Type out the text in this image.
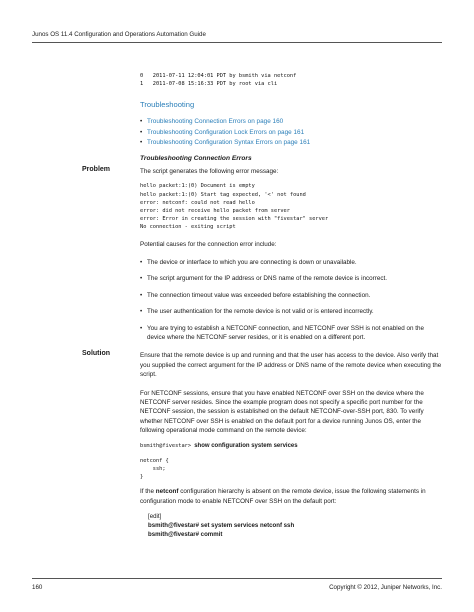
Junos OS 11.4 Configuration and Operations Automation Guide
0   2011-07-11 12:04:01 PDT by bsmith via netconf
1   2011-07-08 15:16:33 PDT by root via cli
Troubleshooting
• Troubleshooting Connection Errors on page 160
• Troubleshooting Configuration Lock Errors on page 161
• Troubleshooting Configuration Syntax Errors on page 161
Troubleshooting Connection Errors
Problem	The script generates the following error message:

hello packet:1:(0) Document is empty
hello packet:1:(0) Start tag expected, '<' not found
error: netconf: could not read hello
error: did not receive hello packet from server
error: Error in creating the session with "fivestar" server
No connection - exiting script

Potential causes for the connection error include:

• The device or interface to which you are connecting is down or unavailable.
• The script argument for the IP address or DNS name of the remote device is incorrect.
• The connection timeout value was exceeded before establishing the connection.
• The user authentication for the remote device is not valid or is entered incorrectly.
• You are trying to establish a NETCONF connection, and NETCONF over SSH is not enabled on the device where the NETCONF server resides, or it is enabled on a different port.
Solution	Ensure that the remote device is up and running and that the user has access to the device. Also verify that you supplied the correct argument for the IP address or DNS name of the remote device when executing the script.

For NETCONF sessions, ensure that you have enabled NETCONF over SSH on the device where the NETCONF server resides. Since the example program does not specify a specific port number for the NETCONF session, the session is established on the default NETCONF-over-SSH port, 830. To verify whether NETCONF over SSH is enabled on the default port for a device running Junos OS, enter the following operational mode command on the remote device:

bsmith@fivestar> show configuration system services
netconf {
ssh;
}

If the netconf configuration hierarchy is absent on the remote device, issue the following statements in configuration mode to enable NETCONF over SSH on the default port:

[edit]
bsmith@fivestar# set system services netconf ssh
bsmith@fivestar# commit
160	Copyright © 2012, Juniper Networks, Inc.
